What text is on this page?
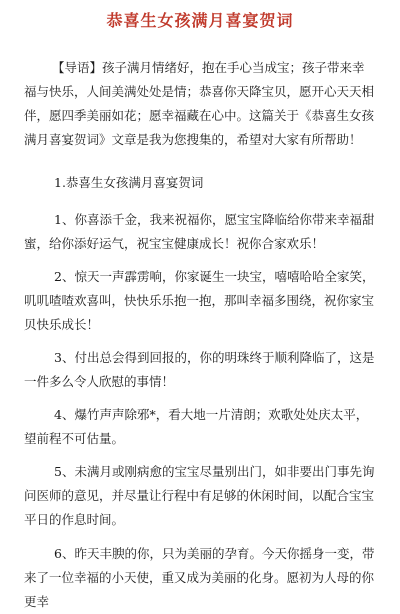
恭喜生女孩满月喜宴贺词

【导语】孩子满月情绪好，抱在手心当成宝；孩子带来幸福与快乐，人间美满处处是情；恭喜你天降宝贝，愿开心天天相伴，愿四季美丽如花；愿幸福藏在心中。这篇关于《恭喜生女孩满月喜宴贺词》文章是我为您搜集的，希望对大家有所帮助！

1.恭喜生女孩满月喜宴贺词

1、你喜添千金，我来祝福你，愿宝宝降临给你带来幸福甜蜜，给你添好运气，祝宝宝健康成长！祝你合家欢乐！

2、惊天一声霹雳响，你家诞生一块宝，嘻嘻哈哈全家笑，叽叽喳喳欢喜叫，快快乐乐抱一抱，那叫幸福多围绕，祝你家宝贝快乐成长！

3、付出总会得到回报的，你的明珠终于顺利降临了，这是一件多么令人欣慰的事情！

4、爆竹声声除邪*，看大地一片清朗；欢歌处处庆太平，望前程不可估量。

5、未满月或刚病愈的宝宝尽量别出门，如非要出门事先询问医师的意见，并尽量让行程中有足够的休闲时间，以配合宝宝平日的作息时间。

6、昨天丰腴的你，只为美丽的孕育。今天你摇身一变，带来了一位幸福的小天使，重又成为美丽的化身。愿初为人母的你更幸
